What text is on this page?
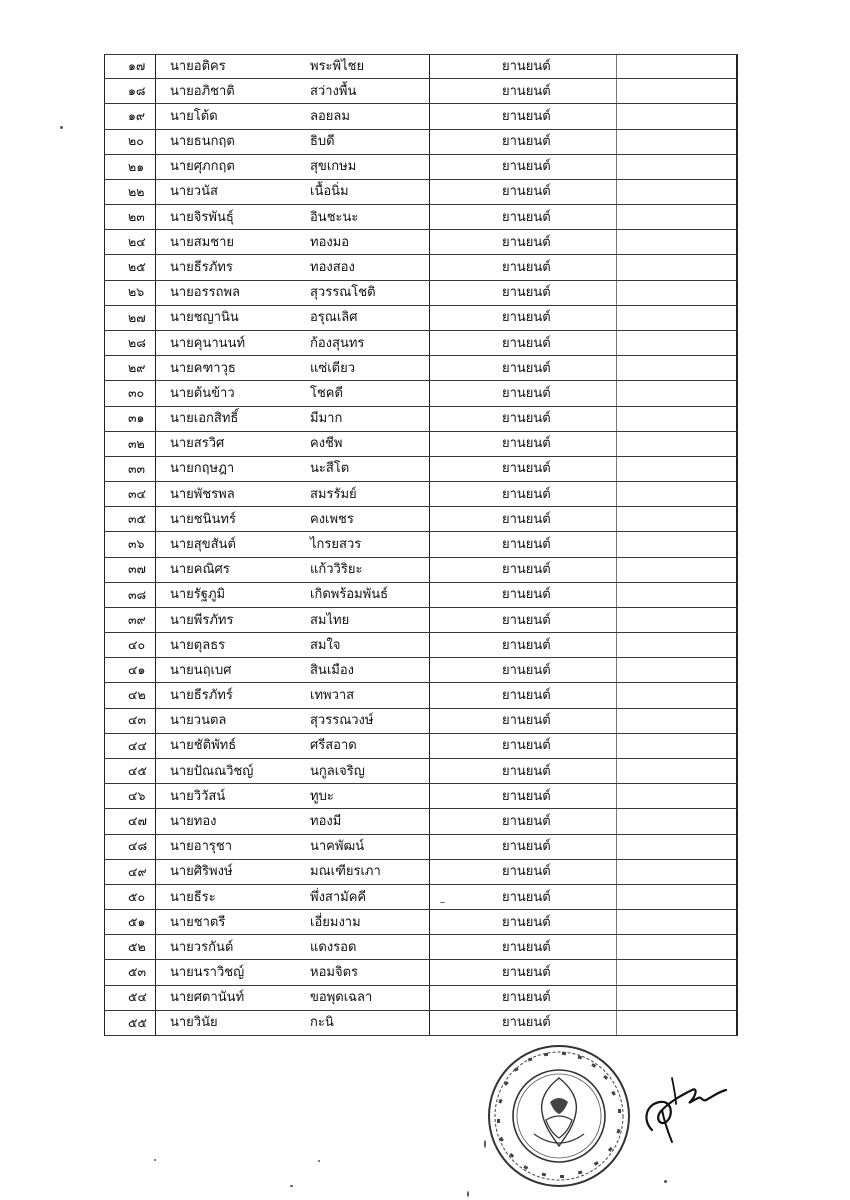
๑๗	นายอติคร	พระพิไชย	ยานยนต์
๑๘	นายอภิชาติ	สว่างพื้น	ยานยนต์
๑๙	นายโต้ด	ลอยลม	ยานยนต์
๒๐	นายธนกฤต	ธิบดี	ยานยนต์
๒๑	นายศุภกฤต	สุขเกษม	ยานยนต์
๒๒	นายวนัส	เนื้อนิ่ม	ยานยนต์
๒๓	นายจิรพันธุ์	อินชะนะ	ยานยนต์
๒๔	นายสมชาย	ทองมอ	ยานยนต์
๒๕	นายธีรภัทร	ทองสอง	ยานยนต์
๒๖	นายอรรถพล	สุวรรณโชติ	ยานยนต์
๒๗	นายชญานิน	อรุณเลิศ	ยานยนต์
๒๘	นายคุนานนท์	ก้องสุนทร	ยานยนต์
๒๙	นายคฑาวุธ	แซ่เตียว	ยานยนต์
๓๐	นายต้นข้าว	โชคดี	ยานยนต์
๓๑	นายเอกสิทธิ์	มีมาก	ยานยนต์
๓๒	นายสรวิศ	คงชีพ	ยานยนต์
๓๓	นายกฤษฎา	นะสีโต	ยานยนต์
๓๔	นายพัชรพล	สมรรัมย์	ยานยนต์
๓๕	นายชนินทร์	คงเพชร	ยานยนต์
๓๖	นายสุขสันต์	ไกรยสวร	ยานยนต์
๓๗	นายคณิศร	แก้ววิริยะ	ยานยนต์
๓๘	นายรัฐภูมิ	เกิดพร้อมพันธ์	ยานยนต์
๓๙	นายพีรภัทร	สมไทย	ยานยนต์
๔๐	นายตุลธร	สมใจ	ยานยนต์
๔๑	นายนฤเบศ	สินเมือง	ยานยนต์
๔๒	นายธีรภัทร์	เทพวาส	ยานยนต์
๔๓	นายวนตล	สุวรรณวงษ์	ยานยนต์
๔๔	นายชัติพัทธ์	ศรีสอาด	ยานยนต์
๔๕	นายปัณณวิชญ์	นกูลเจริญ	ยานยนต์
๔๖	นายวิวัสน์	ทูบะ	ยานยนต์
๔๗	นายทอง	ทองมี	ยานยนต์
๔๘	นายอารุชา	นาคพัฒน์	ยานยนต์
๔๙	นายศิริพงษ์	มณเฑียรเภา	ยานยนต์
๕๐	นายธีระ	พึ่งสามัคคี	ยานยนต์
๕๑	นายชาตรี	เอี่ยมงาม	ยานยนต์
๕๒	นายวรกันต์	แดงรอด	ยานยนต์
๕๓	นายนราวิชญ์	หอมจิตร	ยานยนต์
๕๔	นายศตานันท์	ขอพุดเฉลา	ยานยนต์
๕๕	นายวินัย	กะนิ	ยานยนต์
